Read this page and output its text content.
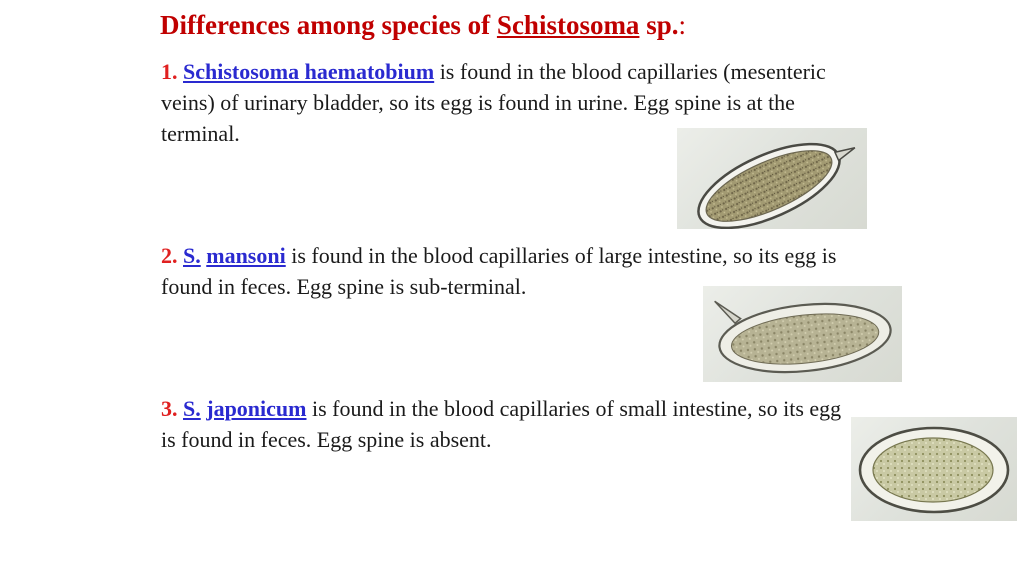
Differences among species of Schistosoma sp.:
1. Schistosoma haematobium is found in the blood capillaries (mesenteric veins) of urinary bladder, so its egg is found in urine. Egg spine is at the terminal.
2. S. mansoni is found in the blood capillaries of large intestine, so its egg is found in feces. Egg spine is sub-terminal.
3. S. japonicum is found in the blood capillaries of small intestine, so its egg is found in feces. Egg spine is absent.
